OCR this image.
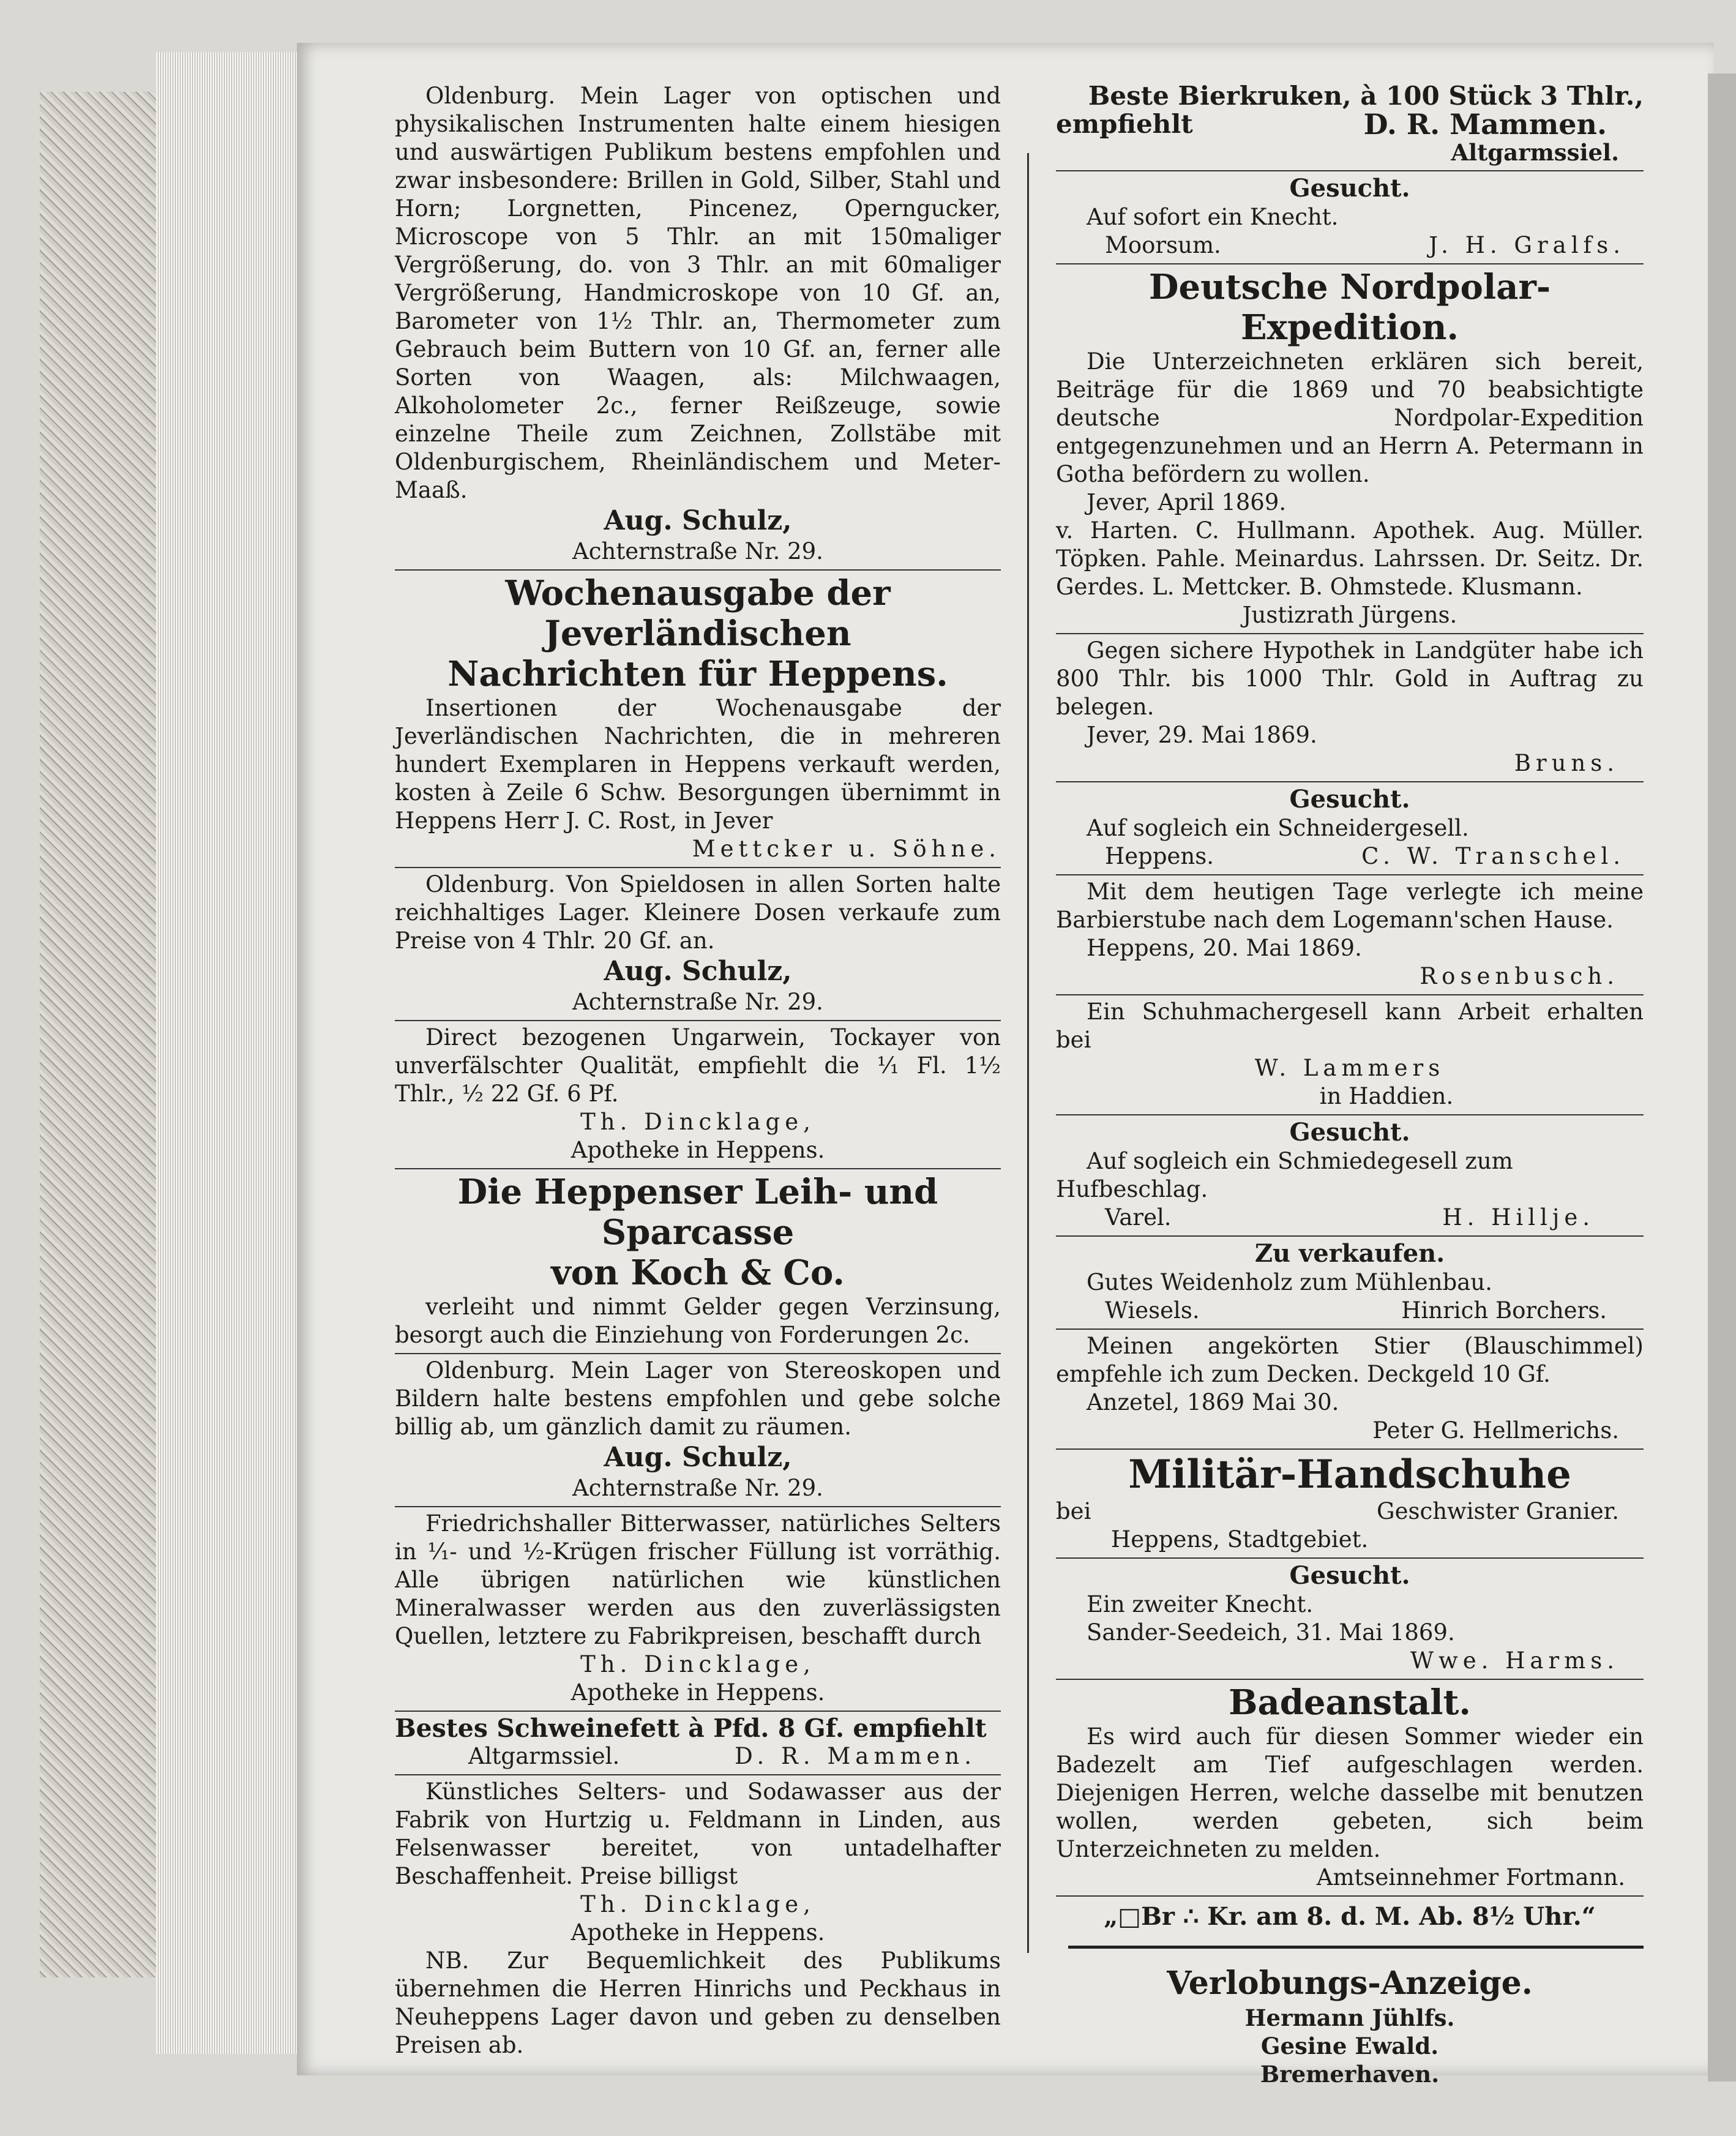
Oldenburg. Mein Lager von optischen und physikalischen Instrumenten halte einem hiesigen und auswärtigen Publikum bestens empfohlen und zwar insbesondere: Brillen in Gold, Silber, Stahl und Horn; Lorgnetten, Pincenez, Operngucker, Microscope von 5 Thlr. an mit 150maliger Vergrößerung, do. von 3 Thlr. an mit 60maliger Vergrößerung, Handmicroskope von 10 Gf. an, Barometer von 1½ Thlr. an, Thermometer zum Gebrauch beim Buttern von 10 Gf. an, ferner alle Sorten von Waagen, als: Milchwaagen, Alkoholometer 2c., ferner Reißzeuge, sowie einzelne Theile zum Zeichnen, Zollstäbe mit Oldenburgischem, Rheinländischem und Meter-Maaß.
Aug. Schulz,
Achternstraße Nr. 29.
Wochenausgabe der Jeverländischen
Nachrichten für Heppens.
Insertionen der Wochenausgabe der Jeverländischen Nachrichten, die in mehreren hundert Exemplaren in Heppens verkauft werden, kosten à Zeile 6 Schw. Besorgungen übernimmt in Heppens Herr J. C. Rost, in Jever
Mettcker u. Söhne.
Oldenburg. Von Spieldosen in allen Sorten halte reichhaltiges Lager. Kleinere Dosen verkaufe zum Preise von 4 Thlr. 20 Gf. an.
Aug. Schulz,
Achternstraße Nr. 29.
Direct bezogenen Ungarwein, Tockayer von unverfälschter Qualität, empfiehlt die ⅟₁ Fl. 1½ Thlr., ½ 22 Gf. 6 Pf.
Th. Dincklage,
Apotheke in Heppens.
Die Heppenser Leih- und Sparcasse
von Koch & Co.
verleiht und nimmt Gelder gegen Verzinsung, besorgt auch die Einziehung von Forderungen 2c.
Oldenburg. Mein Lager von Stereoskopen und Bildern halte bestens empfohlen und gebe solche billig ab, um gänzlich damit zu räumen.
Aug. Schulz,
Achternstraße Nr. 29.
Friedrichshaller Bitterwasser, natürliches Selters in ⅟₁- und ½-Krügen frischer Füllung ist vorräthig. Alle übrigen natürlichen wie künstlichen Mineralwasser werden aus den zuverlässigsten Quellen, letztere zu Fabrikpreisen, beschafft durch
Th. Dincklage,
Apotheke in Heppens.
Bestes Schweinefett à Pfd. 8 Gf. empfiehlt
Altgarmssiel.	D. R. Mammen.
Künstliches Selters- und Sodawasser aus der Fabrik von Hurtzig u. Feldmann in Linden, aus Felsenwasser bereitet, von untadelhafter Beschaffenheit. Preise billigst
Th. Dincklage,
Apotheke in Heppens.
NB. Zur Bequemlichkeit des Publikums übernehmen die Herren Hinrichs und Peckhaus in Neuheppens Lager davon und geben zu denselben Preisen ab.
Beste Bierkruken, à 100 Stück 3 Thlr.,
empfiehlt	D. R. Mammen.
Altgarmssiel.
Gesucht.
Auf sofort ein Knecht.
Moorsum.	J. H. Gralfs.
Deutsche Nordpolar-Expedition.
Die Unterzeichneten erklären sich bereit, Beiträge für die 1869 und 70 beabsichtigte deutsche Nordpolar-Expedition entgegenzunehmen und an Herrn A. Petermann in Gotha befördern zu wollen.
Jever, April 1869.
v. Harten. C. Hullmann. Apothek. Aug. Müller. Töpken. Pahle. Meinardus. Lahrssen. Dr. Seitz. Dr. Gerdes. L. Mettcker. B. Ohmstede. Klusmann.
Justizrath Jürgens.
Gegen sichere Hypothek in Landgüter habe ich 800 Thlr. bis 1000 Thlr. Gold in Auftrag zu belegen.
Jever, 29. Mai 1869.
Bruns.
Gesucht.
Auf sogleich ein Schneidergesell.
Heppens.	C. W. Transchel.
Mit dem heutigen Tage verlegte ich meine Barbierstube nach dem Logemann'schen Hause.
Heppens, 20. Mai 1869.
Rosenbusch.
Ein Schuhmachergesell kann Arbeit erhalten bei
W. Lammers
in Haddien.
Gesucht.
Auf sogleich ein Schmiedegesell zum Hufbeschlag.
Varel.	H. Hillje.
Zu verkaufen.
Gutes Weidenholz zum Mühlenbau.
Wiesels.	Hinrich Borchers.
Meinen angekörten Stier (Blauschimmel) empfehle ich zum Decken. Deckgeld 10 Gf.
Anzetel, 1869 Mai 30.
Peter G. Hellmerichs.
Militär-Handschuhe
bei	Geschwister Granier.
Heppens, Stadtgebiet.
Gesucht.
Ein zweiter Knecht.
Sander-Seedeich, 31. Mai 1869.
Wwe. Harms.
Badeanstalt.
Es wird auch für diesen Sommer wieder ein Badezelt am Tief aufgeschlagen werden. Diejenigen Herren, welche dasselbe mit benutzen wollen, werden gebeten, sich beim Unterzeichneten zu melden.
Amtseinnehmer Fortmann.
„□Br ∴ Kr. am 8. d. M. Ab. 8½ Uhr.“
Verlobungs-Anzeige.
Hermann Jühlfs.
Gesine Ewald.
Bremerhaven.
